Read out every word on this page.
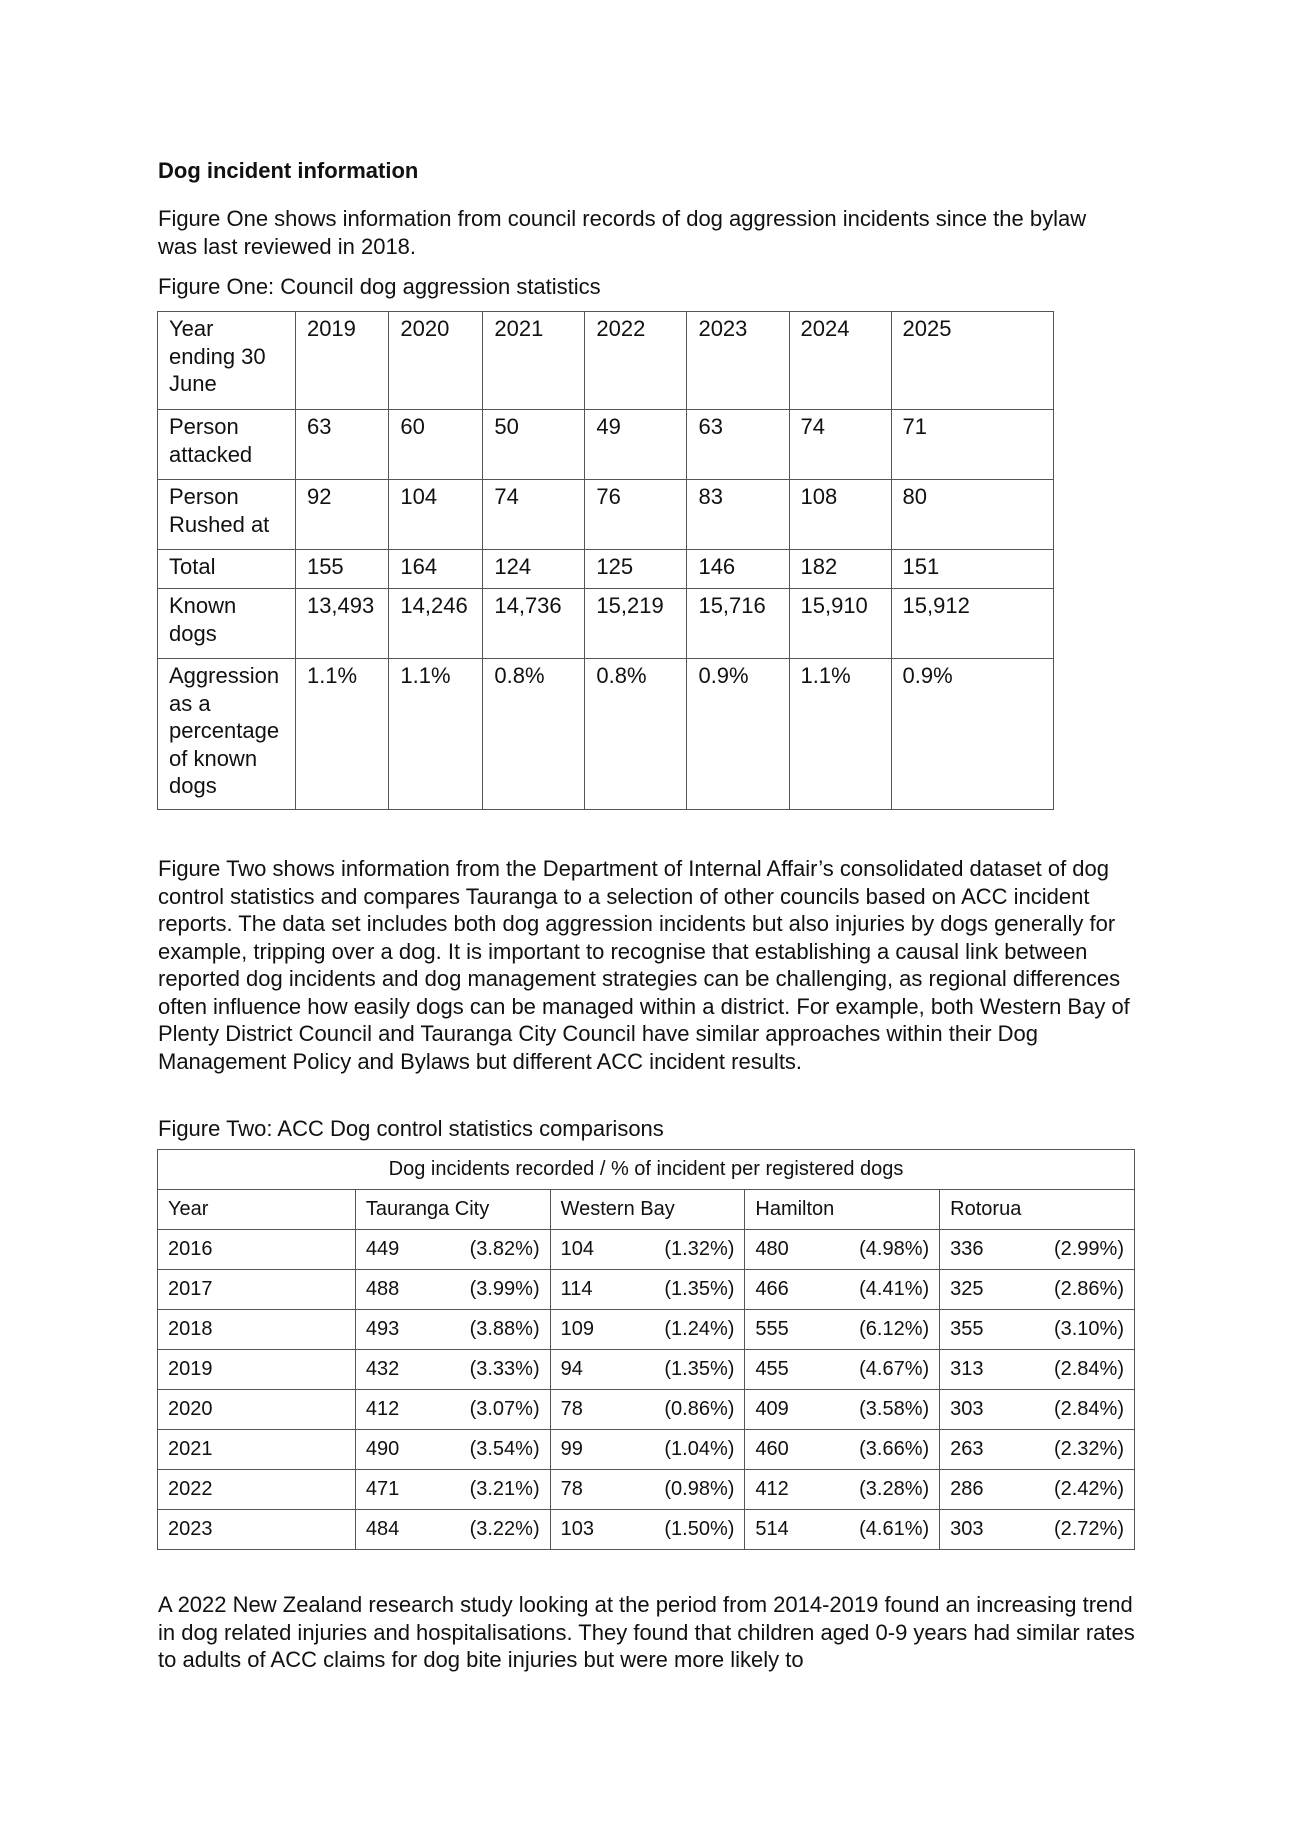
Dog incident information
Figure One shows information from council records of dog aggression incidents since the bylaw was last reviewed in 2018.
Figure One: Council dog aggression statistics
Year ending 30 June	2019	2020	2021	2022	2023	2024	2025
Person attacked	63	60	50	49	63	74	71
Person Rushed at	92	104	74	76	83	108	80
Total	155	164	124	125	146	182	151
Known dogs	13,493	14,246	14,736	15,219	15,716	15,910	15,912
Aggression as a percentage of known dogs	1.1%	1.1%	0.8%	0.8%	0.9%	1.1%	0.9%
Figure Two shows information from the Department of Internal Affair’s consolidated dataset of dog control statistics and compares Tauranga to a selection of other councils based on ACC incident reports. The data set includes both dog aggression incidents but also injuries by dogs generally for example, tripping over a dog. It is important to recognise that establishing a causal link between reported dog incidents and dog management strategies can be challenging, as regional differences often influence how easily dogs can be managed within a district. For example, both Western Bay of Plenty District Council and Tauranga City Council have similar approaches within their Dog Management Policy and Bylaws but different ACC incident results.
Figure Two: ACC Dog control statistics comparisons
Dog incidents recorded / % of incident per registered dogs				
Year	Tauranga City	Western Bay	Hamilton	Rotorua
2016	449 (3.82%)	104 (1.32%)	480 (4.98%)	336 (2.99%)

2017	488 (3.99%)	114 (1.35%)	466 (4.41%)	325 (2.86%)

2018	493 (3.88%)	109 (1.24%)	555 (6.12%)	355 (3.10%)

2019	432 (3.33%)	94 (1.35%)	455 (4.67%)	313 (2.84%)

2020	412 (3.07%)	78 (0.86%)	409 (3.58%)	303 (2.84%)

2021	490 (3.54%)	99 (1.04%)	460 (3.66%)	263 (2.32%)

2022	471 (3.21%)	78 (0.98%)	412 (3.28%)	286 (2.42%)

2023	484 (3.22%)	103 (1.50%)	514 (4.61%)	303 (2.72%)
A 2022 New Zealand research study looking at the period from 2014-2019 found an increasing trend in dog related injuries and hospitalisations. They found that children aged 0-9 years had similar rates to adults of ACC claims for dog bite injuries but were more likely to
